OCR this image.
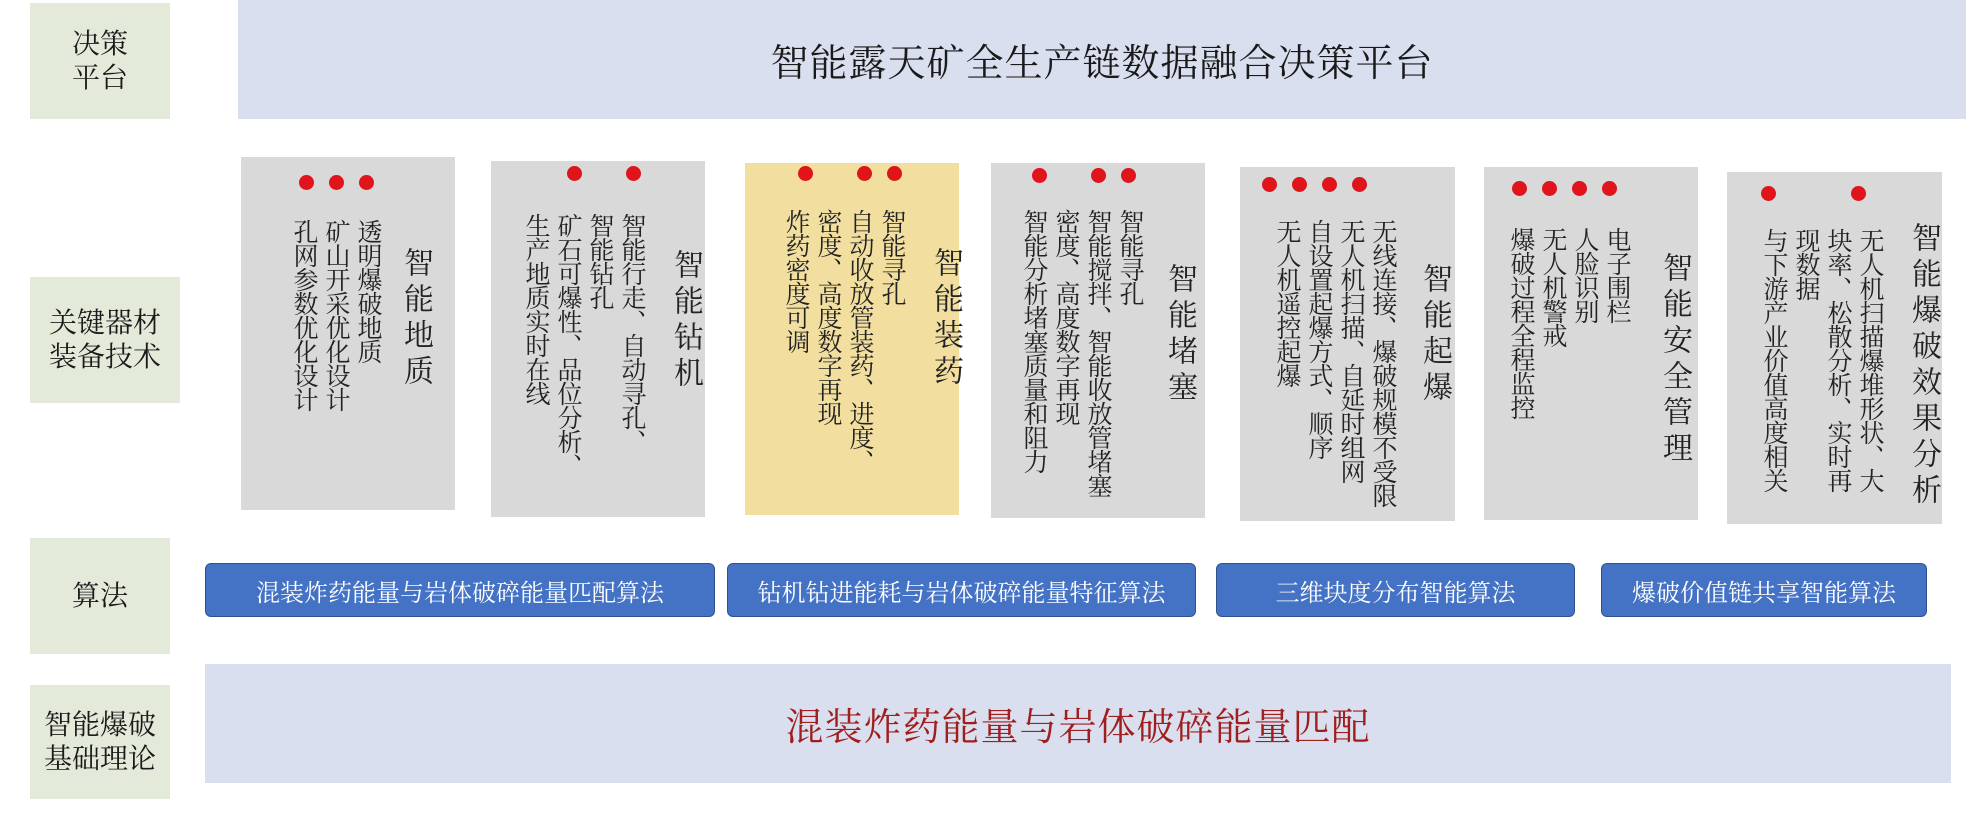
决策
平台
关键器材
装备技术
算法
智能爆破
基础理论
智能露天矿全生产链数据融合决策平台
智能地质
透明爆破地质
矿山开采优化设计
孔网参数优化设计	智能钻机
智能行走、自动寻孔、
智能钻孔
矿石可爆性、品位分析、
生产地质实时在线	智能装药
智能寻孔
自动收放管装药、进度、
密度、高度数字再现
炸药密度可调	智能堵塞
智能寻孔
智能搅拌、智能收放管堵塞
密度、高度数字再现
智能分析堵塞质量和阻力	智能起爆
无线连接、爆破规模不受限
无人机扫描、自延时组网
自设置起爆方式、顺序
无人机遥控起爆	智能安全管理
电子围栏
人脸识别
无人机警戒
爆破过程全程监控	智能爆破效果分析
无人机扫描爆堆形状、大
块率、松散分析、实时再
现数据
与下游产业价值高度相关
混装炸药能量与岩体破碎能量匹配算法	钻机钻进能耗与岩体破碎能量特征算法	三维块度分布智能算法	爆破价值链共享智能算法
混装炸药能量与岩体破碎能量匹配
